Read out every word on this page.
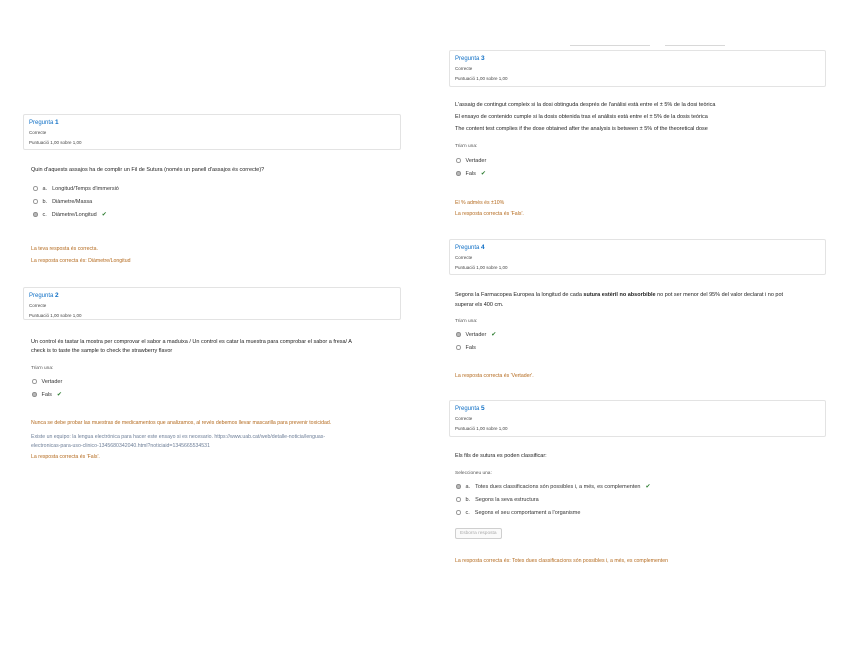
Pregunta 1
Correcte
Puntuació 1,00 sobre 1,00
Quin d'aquests assajos ha de complir un Fil de Sutura (només un panell d'assajos és correcte)?
a. Longitud/Temps d'immersió
b. Diàmetre/Massa
c. Diàmetre/Longitud ✔
La teva resposta és correcta.
La resposta correcta és: Diàmetre/Longitud
Pregunta 2
Correcte
Puntuació 1,00 sobre 1,00
Un control és tastar la mostra per comprovar el sabor a maduixa / Un control es catar la muestra para comprobar el sabor a fresa/ A
check is to taste the sample to check the strawberry flavor
Tria'n una:
Vertader
Fals ✔
Nunca se debe probar las muestras de medicamentos que analizamos, al revés debemos llevar mascarilla para prevenir toxicidad.
Existe un equipo: la lengua electrónica para hacer este ensayo si es necesario. https://www.uab.cat/web/detalle-noticia/lenguas-
electronicas-para-uso-clinico-1345680342040.html?noticiaid=1345665534531
La resposta correcta és 'Fals'.
Pregunta 3
Correcte
Puntuació 1,00 sobre 1,00
L'assaig de contingut compleix si la dosi obtinguda després de l'anàlisi està entre el ± 5% de la dosi teòrica
El ensayo de contenido cumple si la dosis obtenida tras el análisis está entre el ± 5% de la dosis teórica
The content test complies if the dose obtained after the analysis is between ± 5% of the theoretical dose
Tria'n una:
Vertader
Fals ✔
El % admès és ±10%
La resposta correcta és 'Fals'.
Pregunta 4
Correcte
Puntuació 1,00 sobre 1,00
Segons la Farmacopea Europea la longitud de cada sutura estèril no absorbible no pot ser menor del 95% del valor declarat i no pot
superar els 400 cm.
Tria'n una:
Vertader ✔
Fals
La resposta correcta és 'Vertader'.
Pregunta 5
Correcte
Puntuació 1,00 sobre 1,00
Els fils de sutura es poden classificar:
Seleccioneu una:
a. Totes dues classificacions són possibles i, a més, es complementen ✔
b. Segons la seva estructura
c. Segons el seu comportament a l'organisme
Esborra resposta
La resposta correcta és: Totes dues classificacions són possibles i, a més, es complementen
